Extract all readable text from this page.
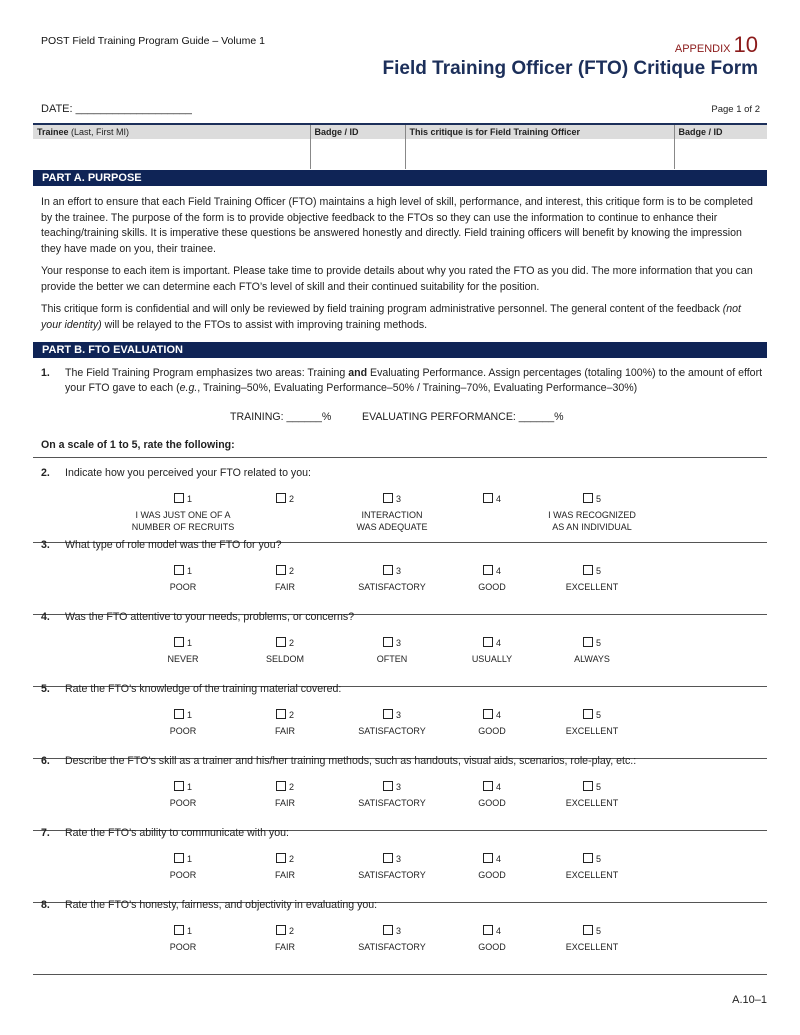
POST Field Training Program Guide – Volume 1
APPENDIX 10
Field Training Officer (FTO) Critique Form
DATE: ___________________	Page 1 of 2
Trainee (Last, First MI)	Badge / ID	This critique is for Field Training Officer	Badge / ID

PART A. PURPOSE

In an effort to ensure that each Field Training Officer (FTO) maintains a high level of skill, performance, and interest, this critique form is to be completed by the trainee. The purpose of the form is to provide objective feedback to the FTOs so they can use the information to continue to enhance their teaching/training skills. It is imperative these questions be answered honestly and directly. Field training officers will benefit by knowing the impression they have made on you, their trainee.

Your response to each item is important. Please take time to provide details about why you rated the FTO as you did. The more information that you can provide the better we can determine each FTO’s level of skill and their continued suitability for the position.

This critique form is confidential and will only be reviewed by field training program administrative personnel. The general content of the feedback (not your identity) will be relayed to the FTOs to assist with improving training methods.

PART B. FTO EVALUATION
1. The Field Training Program emphasizes two areas: Training and Evaluating Performance. Assign percentages (totaling 100%) to the amount of effort your FTO gave to each (e.g., Training–50%, Evaluating Performance–50% / Training–70%, Evaluating Performance–30%)
TRAINING: ______%	EVALUATING PERFORMANCE: ______%
On a scale of 1 to 5, rate the following:
2. Indicate how you perceived your FTO related to you:
1
I WAS JUST ONE OF A
NUMBER OF RECRUITS
2	3
INTERACTION
WAS ADEQUATE
4	5
I WAS RECOGNIZED
AS AN INDIVIDUAL
3. What type of role model was the FTO for you?
1
POOR
2
FAIR
3
SATISFACTORY
4
GOOD
5
EXCELLENT
4. Was the FTO attentive to your needs, problems, or concerns?
1
NEVER
2
SELDOM
3
OFTEN
4
USUALLY
5
ALWAYS
5. Rate the FTO’s knowledge of the training material covered:
1
POOR
2
FAIR
3
SATISFACTORY
4
GOOD
5
EXCELLENT
6. Describe the FTO’s skill as a trainer and his/her training methods, such as handouts, visual aids, scenarios, role-play, etc.:
1
POOR
2
FAIR
3
SATISFACTORY
4
GOOD
5
EXCELLENT
7. Rate the FTO’s ability to communicate with you:
1
POOR
2
FAIR
3
SATISFACTORY
4
GOOD
5
EXCELLENT
8. Rate the FTO’s honesty, fairness, and objectivity in evaluating you:
1
POOR
2
FAIR
3
SATISFACTORY
4
GOOD
5
EXCELLENT
A.10–1
